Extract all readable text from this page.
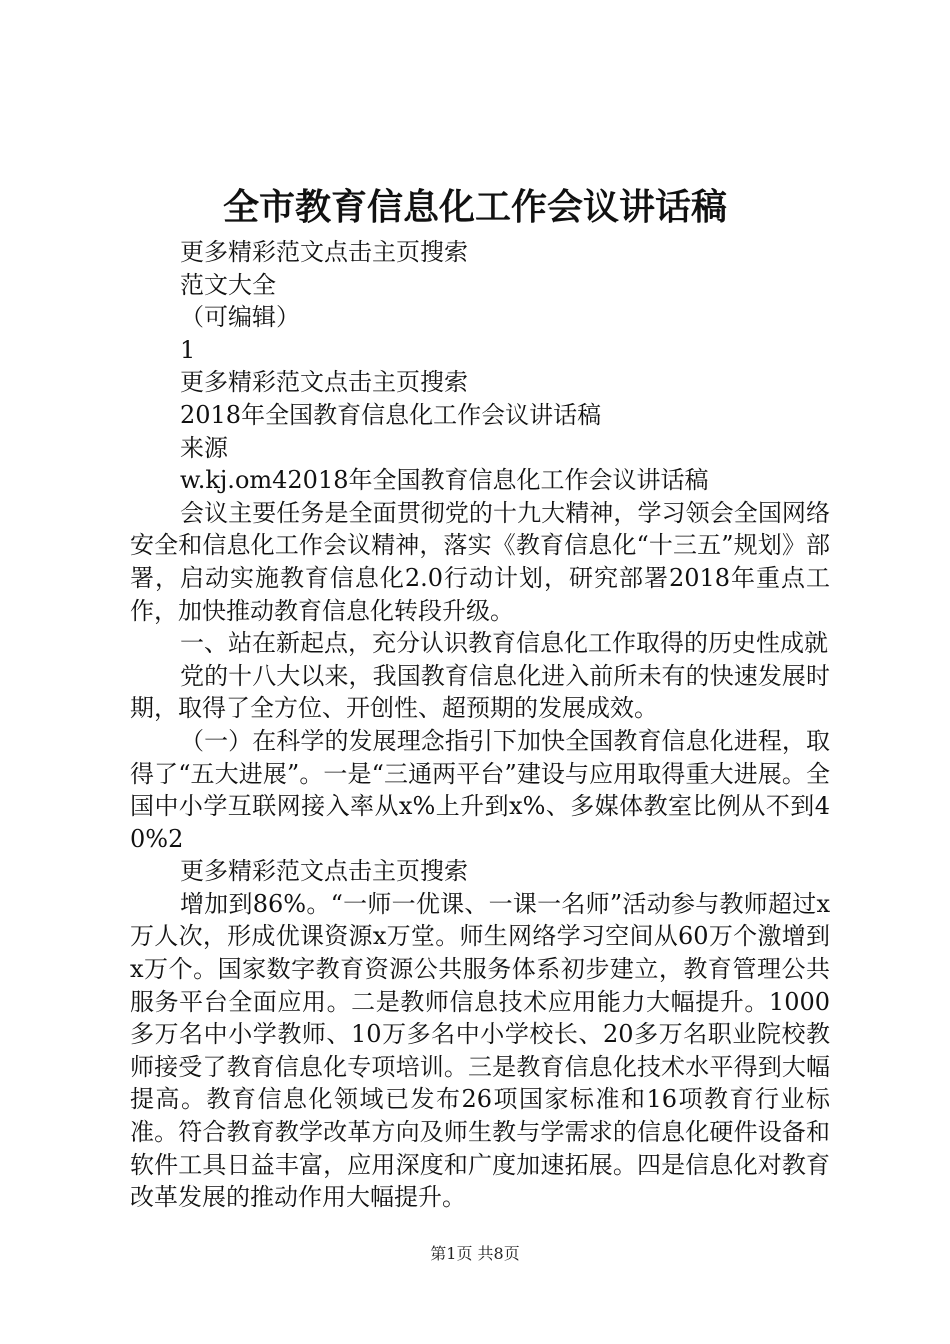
全市教育信息化工作会议讲话稿

更多精彩范文点击主页搜索

范文大全

（可编辑）

1

更多精彩范文点击主页搜索

2018年全国教育信息化工作会议讲话稿

来源

w.kj.om42018年全国教育信息化工作会议讲话稿

会议主要任务是全面贯彻党的十九大精神，学习领会全国网络安全和信息化工作会议精神，落实《教育信息化“十三五”规划》部署，启动实施教育信息化2.0行动计划，研究部署2018年重点工作，加快推动教育信息化转段升级。

一、站在新起点，充分认识教育信息化工作取得的历史性成就

党的十八大以来，我国教育信息化进入前所未有的快速发展时期，取得了全方位、开创性、超预期的发展成效。

（一）在科学的发展理念指引下加快全国教育信息化进程，取得了“五大进展”。一是“三通两平台”建设与应用取得重大进展。全国中小学互联网接入率从x%上升到x%、多媒体教室比例从不到40%2

更多精彩范文点击主页搜索

增加到86%。“一师一优课、一课一名师”活动参与教师超过x万人次，形成优课资源x万堂。师生网络学习空间从60万个激增到x万个。国家数字教育资源公共服务体系初步建立，教育管理公共服务平台全面应用。二是教师信息技术应用能力大幅提升。1000多万名中小学教师、10万多名中小学校长、20多万名职业院校教师接受了教育信息化专项培训。三是教育信息化技术水平得到大幅提高。教育信息化领域已发布26项国家标准和16项教育行业标准。符合教育教学改革方向及师生教与学需求的信息化硬件设备和软件工具日益丰富，应用深度和广度加速拓展。四是信息化对教育改革发展的推动作用大幅提升。

第1页 共8页
